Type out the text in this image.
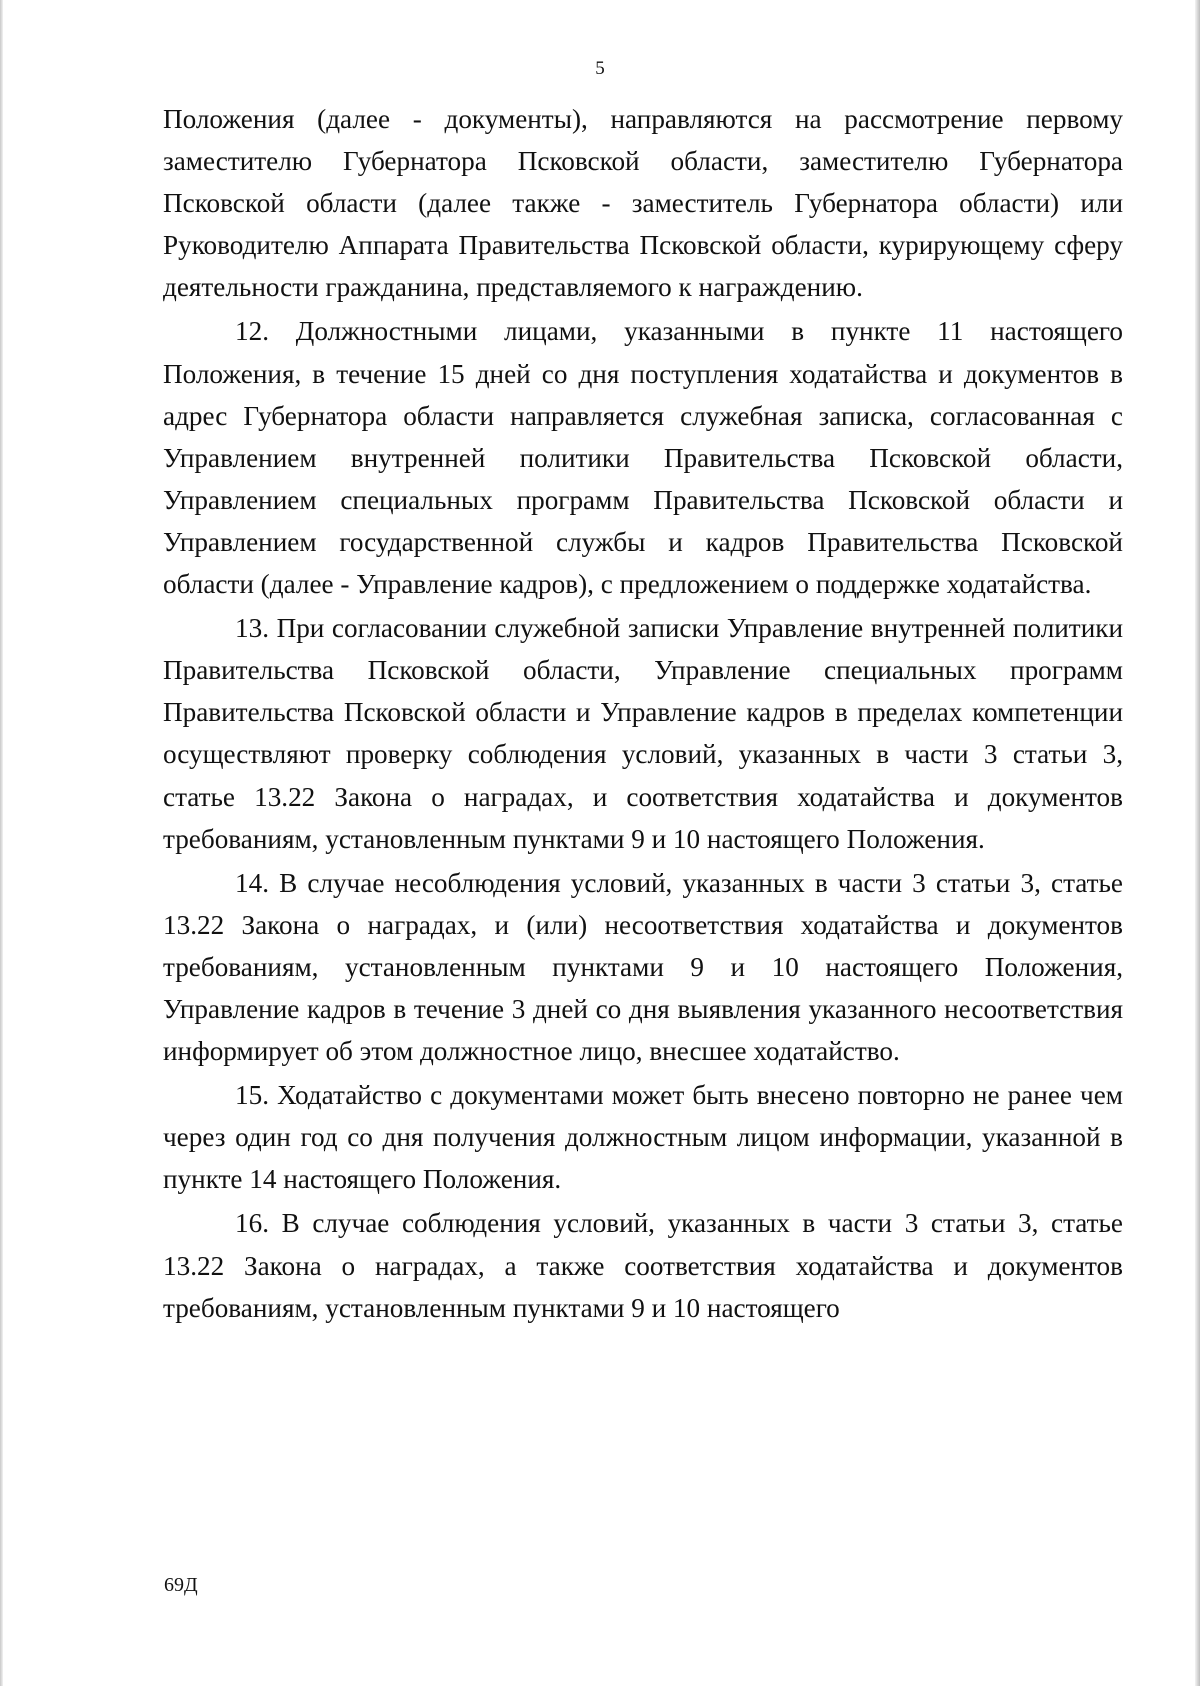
5

Положения (далее - документы), направляются на рассмотрение первому заместителю Губернатора Псковской области, заместителю Губернатора Псковской области (далее также - заместитель Губернатора области) или Руководителю Аппарата Правительства Псковской области, курирующему сферу деятельности гражданина, представляемого к награждению.

12. Должностными лицами, указанными в пункте 11 настоящего Положения, в течение 15 дней со дня поступления ходатайства и документов в адрес Губернатора области направляется служебная записка, согласованная с Управлением внутренней политики Правительства Псковской области, Управлением специальных программ Правительства Псковской области и Управлением государственной службы и кадров Правительства Псковской области (далее - Управление кадров), с предложением о поддержке ходатайства.

13. При согласовании служебной записки Управление внутренней политики Правительства Псковской области, Управление специальных программ Правительства Псковской области и Управление кадров в пределах компетенции осуществляют проверку соблюдения условий, указанных в части 3 статьи 3, статье 13.22 Закона о наградах, и соответствия ходатайства и документов требованиям, установленным пунктами 9 и 10 настоящего Положения.

14. В случае несоблюдения условий, указанных в части 3 статьи 3, статье 13.22 Закона о наградах, и (или) несоответствия ходатайства и документов требованиям, установленным пунктами 9 и 10 настоящего Положения, Управление кадров в течение 3 дней со дня выявления указанного несоответствия информирует об этом должностное лицо, внесшее ходатайство.

15. Ходатайство с документами может быть внесено повторно не ранее чем через один год со дня получения должностным лицом информации, указанной в пункте 14 настоящего Положения.

16. В случае соблюдения условий, указанных в части 3 статьи 3, статье 13.22 Закона о наградах, а также соответствия ходатайства и документов требованиям, установленным пунктами 9 и 10 настоящего

69Д
